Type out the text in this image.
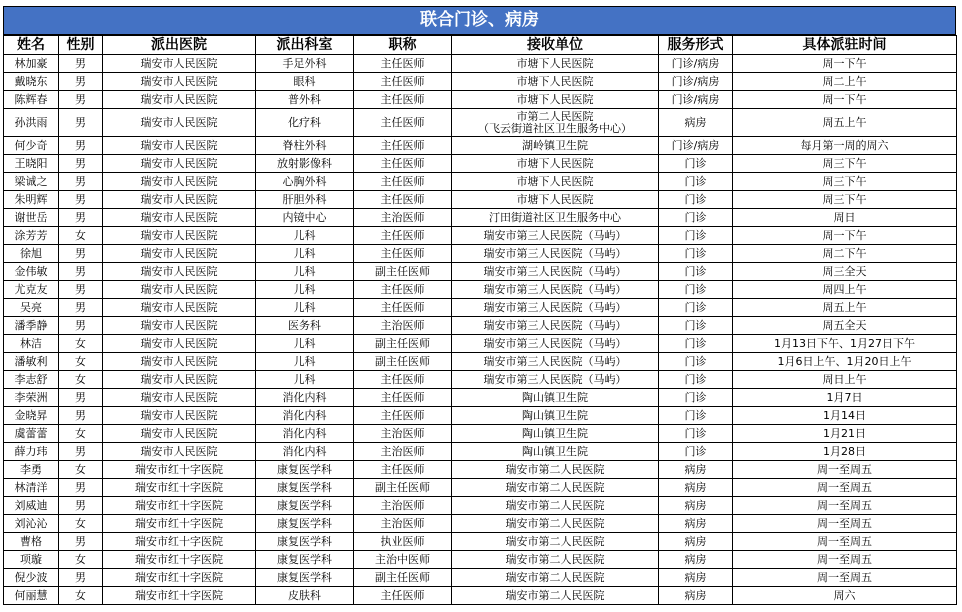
联合门诊、病房
姓名	性别	派出医院	派出科室	职称	接收单位	服务形式	具体派驻时间
林加豪	男	瑞安市人民医院	手足外科	主任医师	市塘下人民医院	门诊/病房	周一下午
戴晓东	男	瑞安市人民医院	眼科	主任医师	市塘下人民医院	门诊/病房	周二上午
陈辉春	男	瑞安市人民医院	普外科	主任医师	市塘下人民医院	门诊/病房	周一下午
孙洪雨	男	瑞安市人民医院	化疗科	主任医师	市第二人民医院
（飞云街道社区卫生服务中心）	病房	周五上午
何少奇	男	瑞安市人民医院	脊柱外科	主任医师	湖岭镇卫生院	门诊/病房	每月第一周的周六
王晓阳	男	瑞安市人民医院	放射影像科	主任医师	市塘下人民医院	门诊	周三下午
梁诚之	男	瑞安市人民医院	心胸外科	主任医师	市塘下人民医院	门诊	周三下午
朱明辉	男	瑞安市人民医院	肝胆外科	主任医师	市塘下人民医院	门诊	周三下午
谢世岳	男	瑞安市人民医院	内镜中心	主治医师	汀田街道社区卫生服务中心	门诊	周日
涂芳芳	女	瑞安市人民医院	儿科	主任医师	瑞安市第三人民医院（马屿）	门诊	周一下午
徐旭	男	瑞安市人民医院	儿科	主任医师	瑞安市第三人民医院（马屿）	门诊	周二下午
金伟敏	男	瑞安市人民医院	儿科	副主任医师	瑞安市第三人民医院（马屿）	门诊	周三全天
尤克友	男	瑞安市人民医院	儿科	主任医师	瑞安市第三人民医院（马屿）	门诊	周四上午
吴亮	男	瑞安市人民医院	儿科	主任医师	瑞安市第三人民医院（马屿）	门诊	周五上午
潘季静	男	瑞安市人民医院	医务科	主治医师	瑞安市第三人民医院（马屿）	门诊	周五全天
林洁	女	瑞安市人民医院	儿科	副主任医师	瑞安市第三人民医院（马屿）	门诊	1月13日下午、1月27日下午
潘敏利	女	瑞安市人民医院	儿科	副主任医师	瑞安市第三人民医院（马屿）	门诊	1月6日上午、1月20日上午
李志舒	女	瑞安市人民医院	儿科	主任医师	瑞安市第三人民医院（马屿）	门诊	周日上午
李荣洲	男	瑞安市人民医院	消化内科	主任医师	陶山镇卫生院	门诊	1月7日
金晓昇	男	瑞安市人民医院	消化内科	主任医师	陶山镇卫生院	门诊	1月14日
虞蕾蕾	女	瑞安市人民医院	消化内科	主治医师	陶山镇卫生院	门诊	1月21日
薛力玮	男	瑞安市人民医院	消化内科	主治医师	陶山镇卫生院	门诊	1月28日
李勇	女	瑞安市红十字医院	康复医学科	主任医师	瑞安市第二人民医院	病房	周一至周五
林清洋	男	瑞安市红十字医院	康复医学科	副主任医师	瑞安市第二人民医院	病房	周一至周五
刘威迪	男	瑞安市红十字医院	康复医学科	主治医师	瑞安市第二人民医院	病房	周一至周五
刘沁沁	女	瑞安市红十字医院	康复医学科	主治医师	瑞安市第二人民医院	病房	周一至周五
曹格	男	瑞安市红十字医院	康复医学科	执业医师	瑞安市第二人民医院	病房	周一至周五
项璇	女	瑞安市红十字医院	康复医学科	主治中医师	瑞安市第二人民医院	病房	周一至周五
倪少波	男	瑞安市红十字医院	康复医学科	副主任医师	瑞安市第二人民医院	病房	周一至周五
何丽慧	女	瑞安市红十字医院	皮肤科	主任医师	瑞安市第二人民医院	病房	周六
